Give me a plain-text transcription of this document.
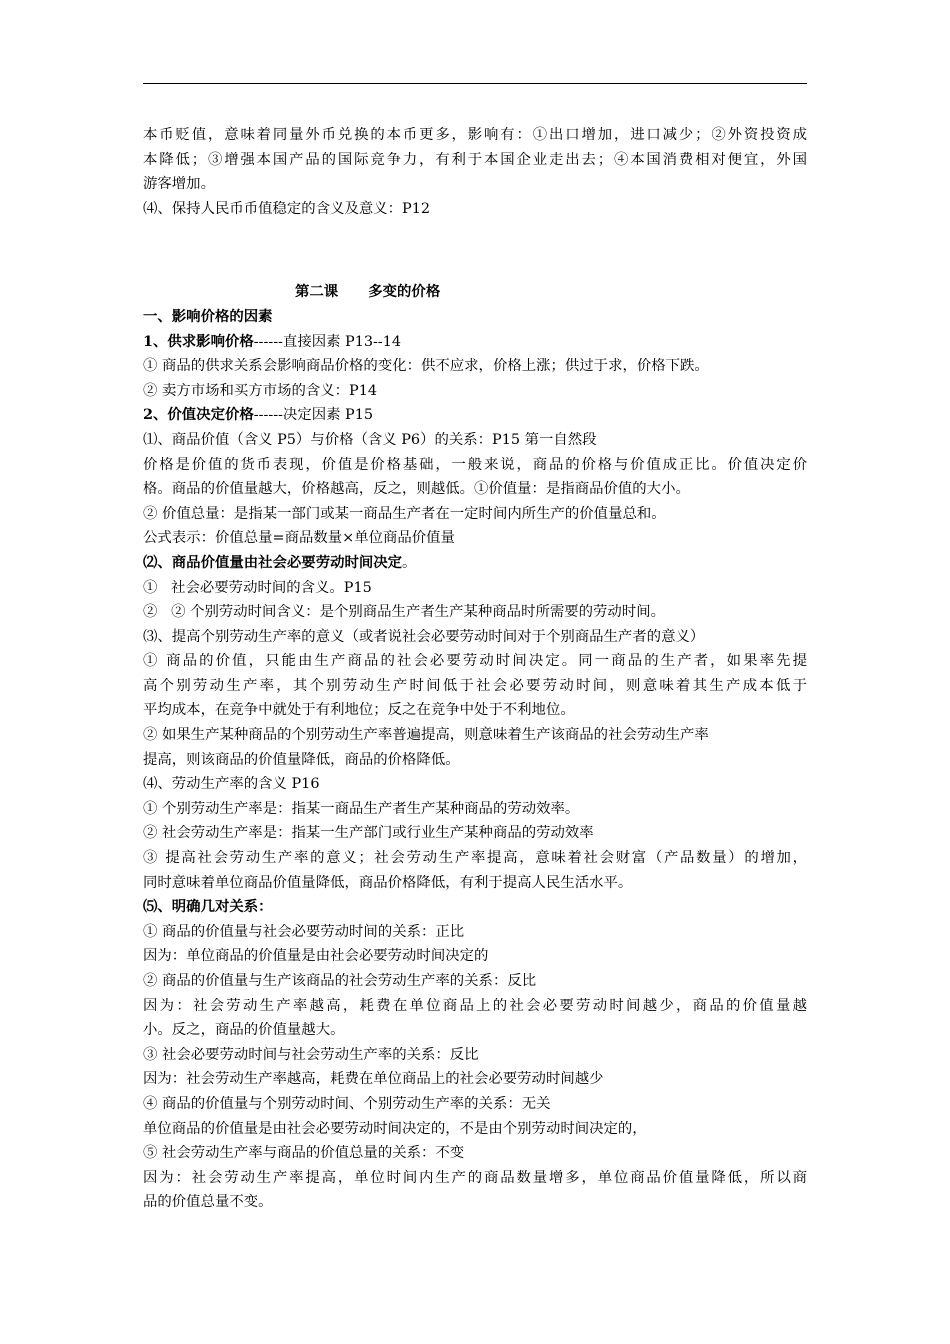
本币贬值，意味着同量外币兑换的本币更多，影响有：①出口增加，进口减少；②外资投资成
本降低；③增强本国产品的国际竞争力，有利于本国企业走出去；④本国消费相对便宜，外国
游客增加。
⑷、保持人民币币值稳定的含义及意义：P12
第二课 多变的价格
一、影响价格的因素
1、供求影响价格------直接因素 P13--14
① 商品的供求关系会影响商品价格的变化：供不应求，价格上涨；供过于求，价格下跌。
② 卖方市场和买方市场的含义：P14
2、价值决定价格------决定因素 P15
⑴、商品价值（含义 P5）与价格（含义 P6）的关系：P15 第一自然段
价格是价值的货币表现，价值是价格基础，一般来说，商品的价格与价值成正比。价值决定价
格。商品的价值量越大，价格越高，反之，则越低。①价值量：是指商品价值的大小。
② 价值总量：是指某一部门或某一商品生产者在一定时间内所生产的价值量总和。
公式表示：价值总量=商品数量×单位商品价值量
⑵、商品价值量由社会必要劳动时间决定。
①   社会必要劳动时间的含义。P15
②   ② 个别劳动时间含义：是个别商品生产者生产某种商品时所需要的劳动时间。
⑶、提高个别劳动生产率的意义（或者说社会必要劳动时间对于个别商品生产者的意义）
① 商品的价值，只能由生产商品的社会必要劳动时间决定。同一商品的生产者，如果率先提
高个别劳动生产率，其个别劳动生产时间低于社会必要劳动时间，则意味着其生产成本低于
平均成本，在竞争中就处于有利地位；反之在竞争中处于不利地位。
② 如果生产某种商品的个别劳动生产率普遍提高，则意味着生产该商品的社会劳动生产率
提高，则该商品的价值量降低，商品的价格降低。
⑷、劳动生产率的含义 P16
① 个别劳动生产率是：指某一商品生产者生产某种商品的劳动效率。
② 社会劳动生产率是：指某一生产部门或行业生产某种商品的劳动效率
③ 提高社会劳动生产率的意义；社会劳动生产率提高，意味着社会财富（产品数量）的增加，
同时意味着单位商品价值量降低，商品价格降低，有利于提高人民生活水平。
⑸、明确几对关系：
① 商品的价值量与社会必要劳动时间的关系：正比
因为：单位商品的价值量是由社会必要劳动时间决定的
② 商品的价值量与生产该商品的社会劳动生产率的关系：反比
因为：社会劳动生产率越高，耗费在单位商品上的社会必要劳动时间越少，商品的价值量越
小。反之，商品的价值量越大。
③ 社会必要劳动时间与社会劳动生产率的关系：反比
因为：社会劳动生产率越高，耗费在单位商品上的社会必要劳动时间越少
④ 商品的价值量与个别劳动时间、个别劳动生产率的关系：无关
单位商品的价值量是由社会必要劳动时间决定的，不是由个别劳动时间决定的，
⑤ 社会劳动生产率与商品的价值总量的关系：不变
因为：社会劳动生产率提高，单位时间内生产的商品数量增多，单位商品价值量降低，所以商
品的价值总量不变。
